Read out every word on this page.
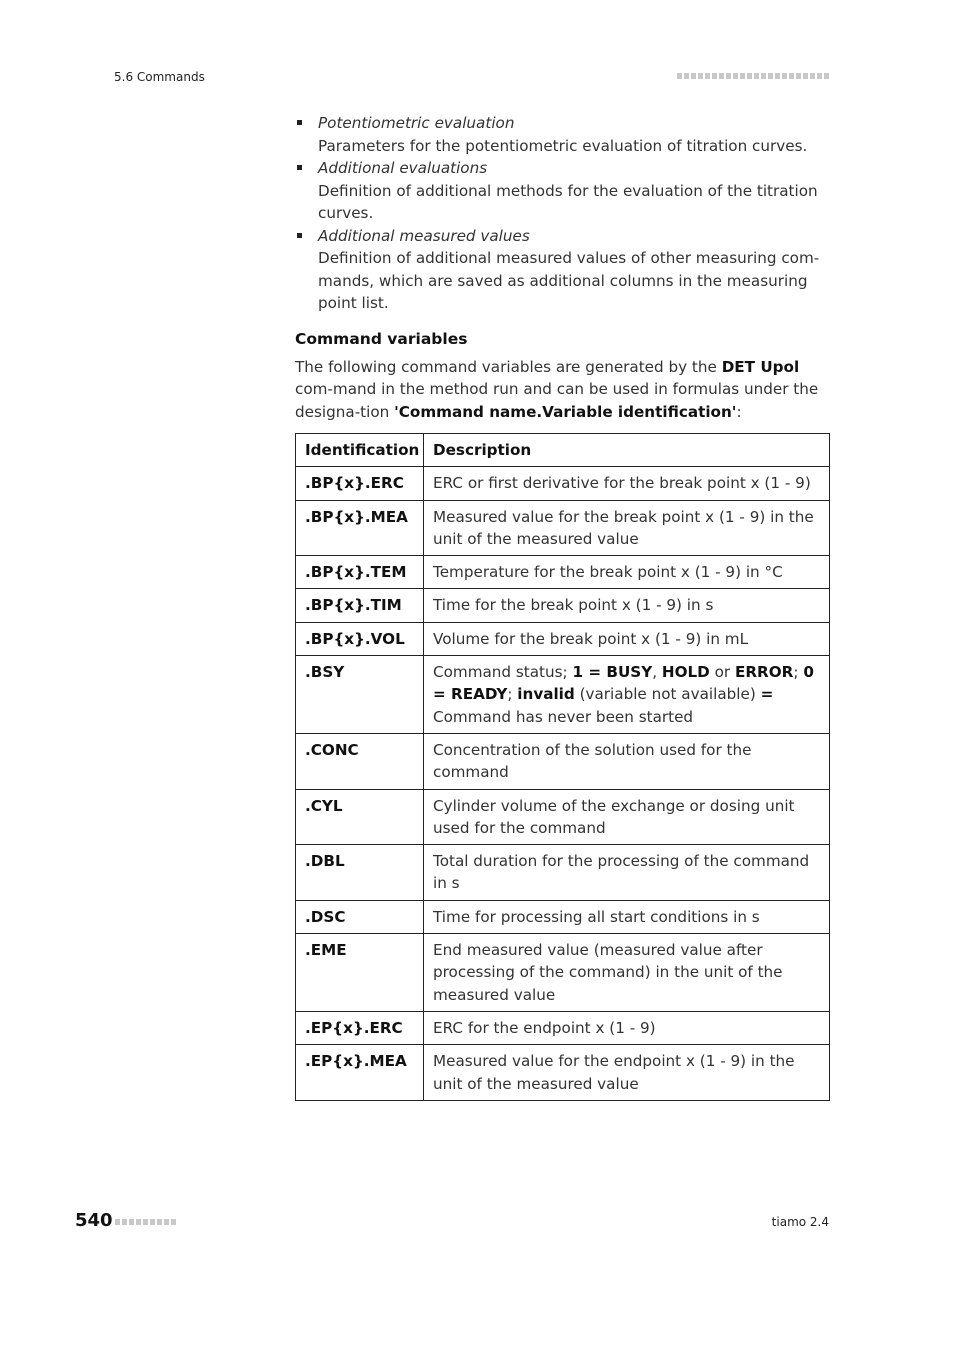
5.6 Commands
Potentiometric evaluation
Parameters for the potentiometric evaluation of titration curves.
Additional evaluations
Definition of additional methods for the evaluation of the titration curves.
Additional measured values
Definition of additional measured values of other measuring com-mands, which are saved as additional columns in the measuring point list.
Command variables

The following command variables are generated by the DET Upol com-mand in the method run and can be used in formulas under the designa-tion 'Command name.Variable identification':

Identification	Description
.BP{x}.ERC	ERC or first derivative for the break point x (1 - 9)
.BP{x}.MEA	Measured value for the break point x (1 - 9) in the unit of the measured value
.BP{x}.TEM	Temperature for the break point x (1 - 9) in °C
.BP{x}.TIM	Time for the break point x (1 - 9) in s
.BP{x}.VOL	Volume for the break point x (1 - 9) in mL
.BSY	Command status; 1 = BUSY, HOLD or ERROR; 0 = READY; invalid (variable not available) = Command has never been started
.CONC	Concentration of the solution used for the command
.CYL	Cylinder volume of the exchange or dosing unit used for the command
.DBL	Total duration for the processing of the command in s
.DSC	Time for processing all start conditions in s
.EME	End measured value (measured value after processing of the command) in the unit of the measured value
.EP{x}.ERC	ERC for the endpoint x (1 - 9)
.EP{x}.MEA	Measured value for the endpoint x (1 - 9) in the unit of the measured value
540	tiamo 2.4
